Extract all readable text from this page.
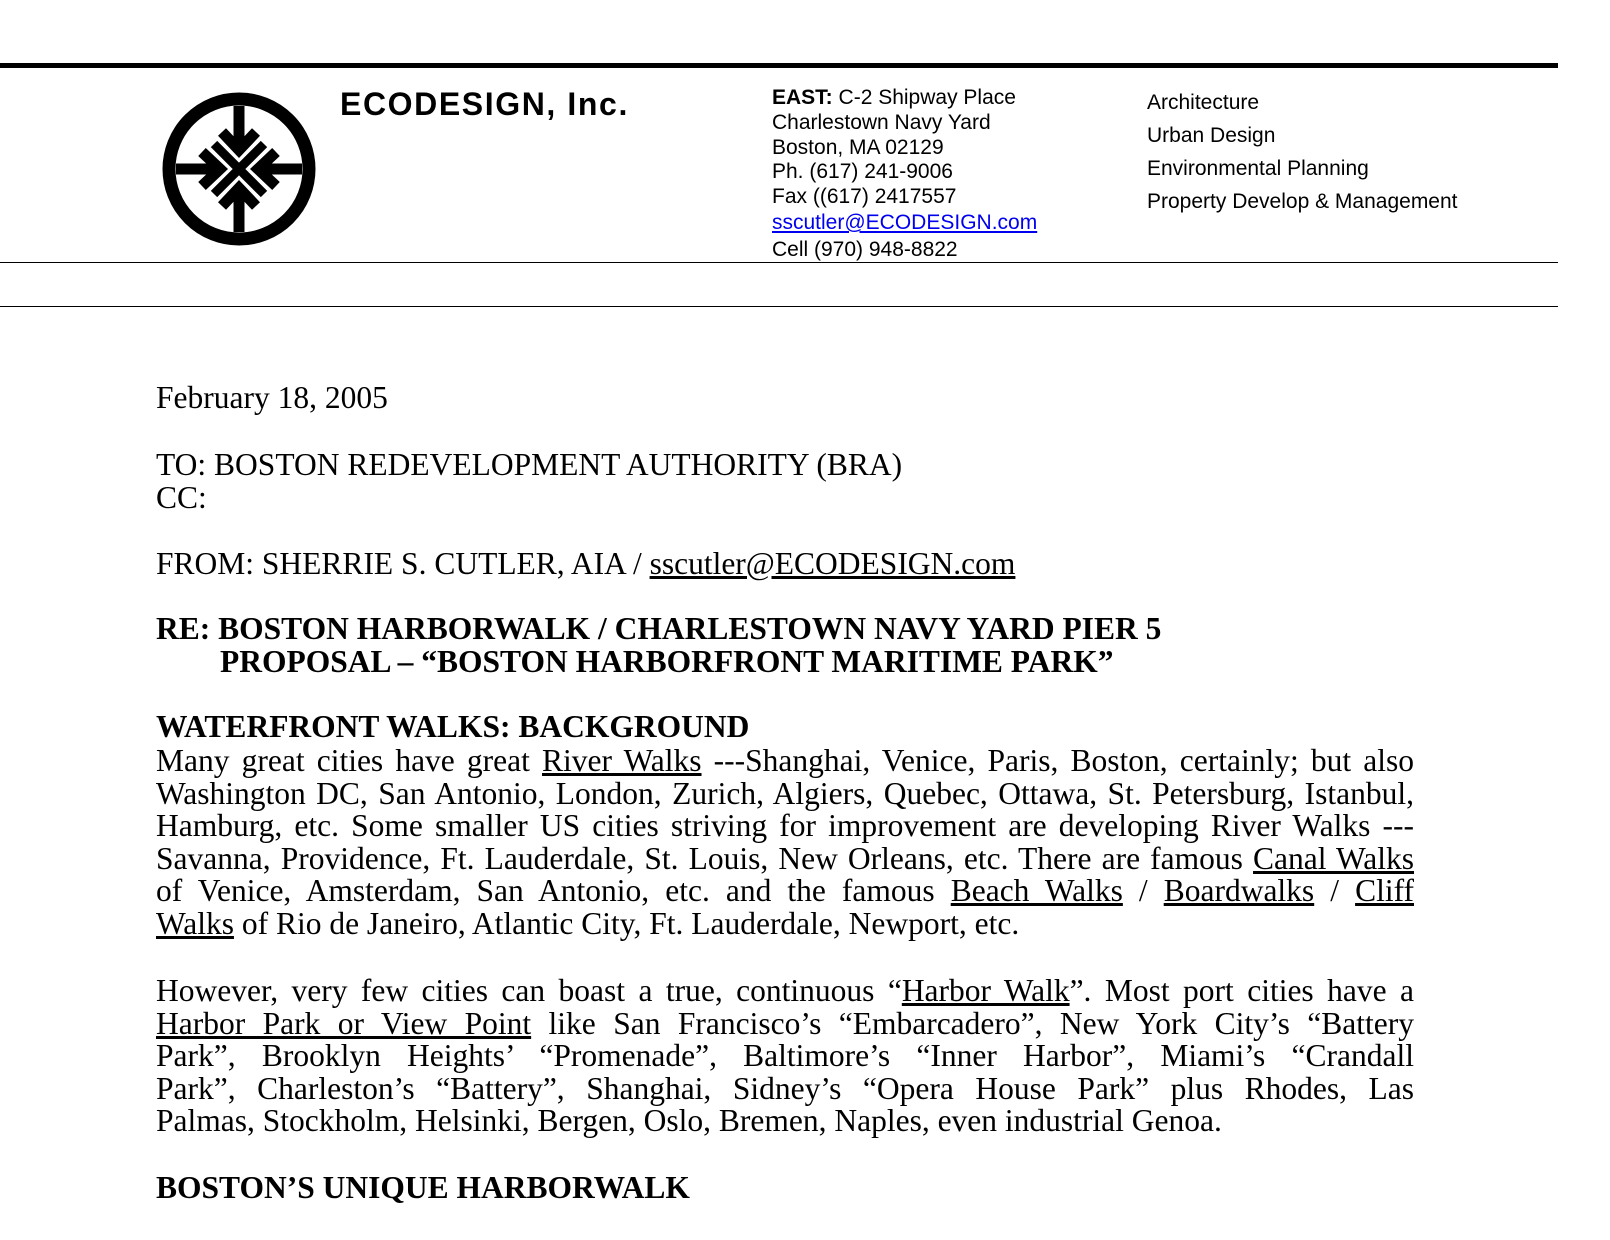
ECODESIGN, Inc.	EAST: C-2 Shipway Place
Charlestown Navy Yard
Boston, MA 02129
Ph. (617) 241-9006
Fax ((617) 2417557
sscutler@ECODESIGN.com
Cell (970) 948-8822
Architecture
Urban Design
Environmental Planning
Property Develop & Management
February 18, 2005
TO: BOSTON REDEVELOPMENT AUTHORITY (BRA)
CC:
FROM: SHERRIE S. CUTLER, AIA / sscutler@ECODESIGN.com
RE: BOSTON HARBORWALK / CHARLESTOWN NAVY YARD PIER 5
PROPOSAL – “BOSTON HARBORFRONT MARITIME PARK”
WATERFRONT WALKS: BACKGROUND
Many great cities have great River Walks ---Shanghai, Venice, Paris, Boston, certainly; but also
Washington DC, San Antonio, London, Zurich, Algiers, Quebec, Ottawa, St. Petersburg, Istanbul,
Hamburg, etc. Some smaller US cities striving for improvement are developing River Walks ---
Savanna, Providence, Ft. Lauderdale, St. Louis, New Orleans, etc. There are famous Canal Walks
of Venice, Amsterdam, San Antonio, etc. and the famous Beach Walks / Boardwalks / Cliff
Walks of Rio de Janeiro, Atlantic City, Ft. Lauderdale, Newport, etc.
However, very few cities can boast a true, continuous “Harbor Walk”. Most port cities have a
Harbor Park or View Point like San Francisco’s “Embarcadero”, New York City’s “Battery
Park”, Brooklyn Heights’ “Promenade”, Baltimore’s “Inner Harbor”, Miami’s “Crandall
Park”, Charleston’s “Battery”, Shanghai, Sidney’s “Opera House Park” plus Rhodes, Las
Palmas, Stockholm, Helsinki, Bergen, Oslo, Bremen, Naples, even industrial Genoa.
BOSTON’S UNIQUE HARBORWALK
